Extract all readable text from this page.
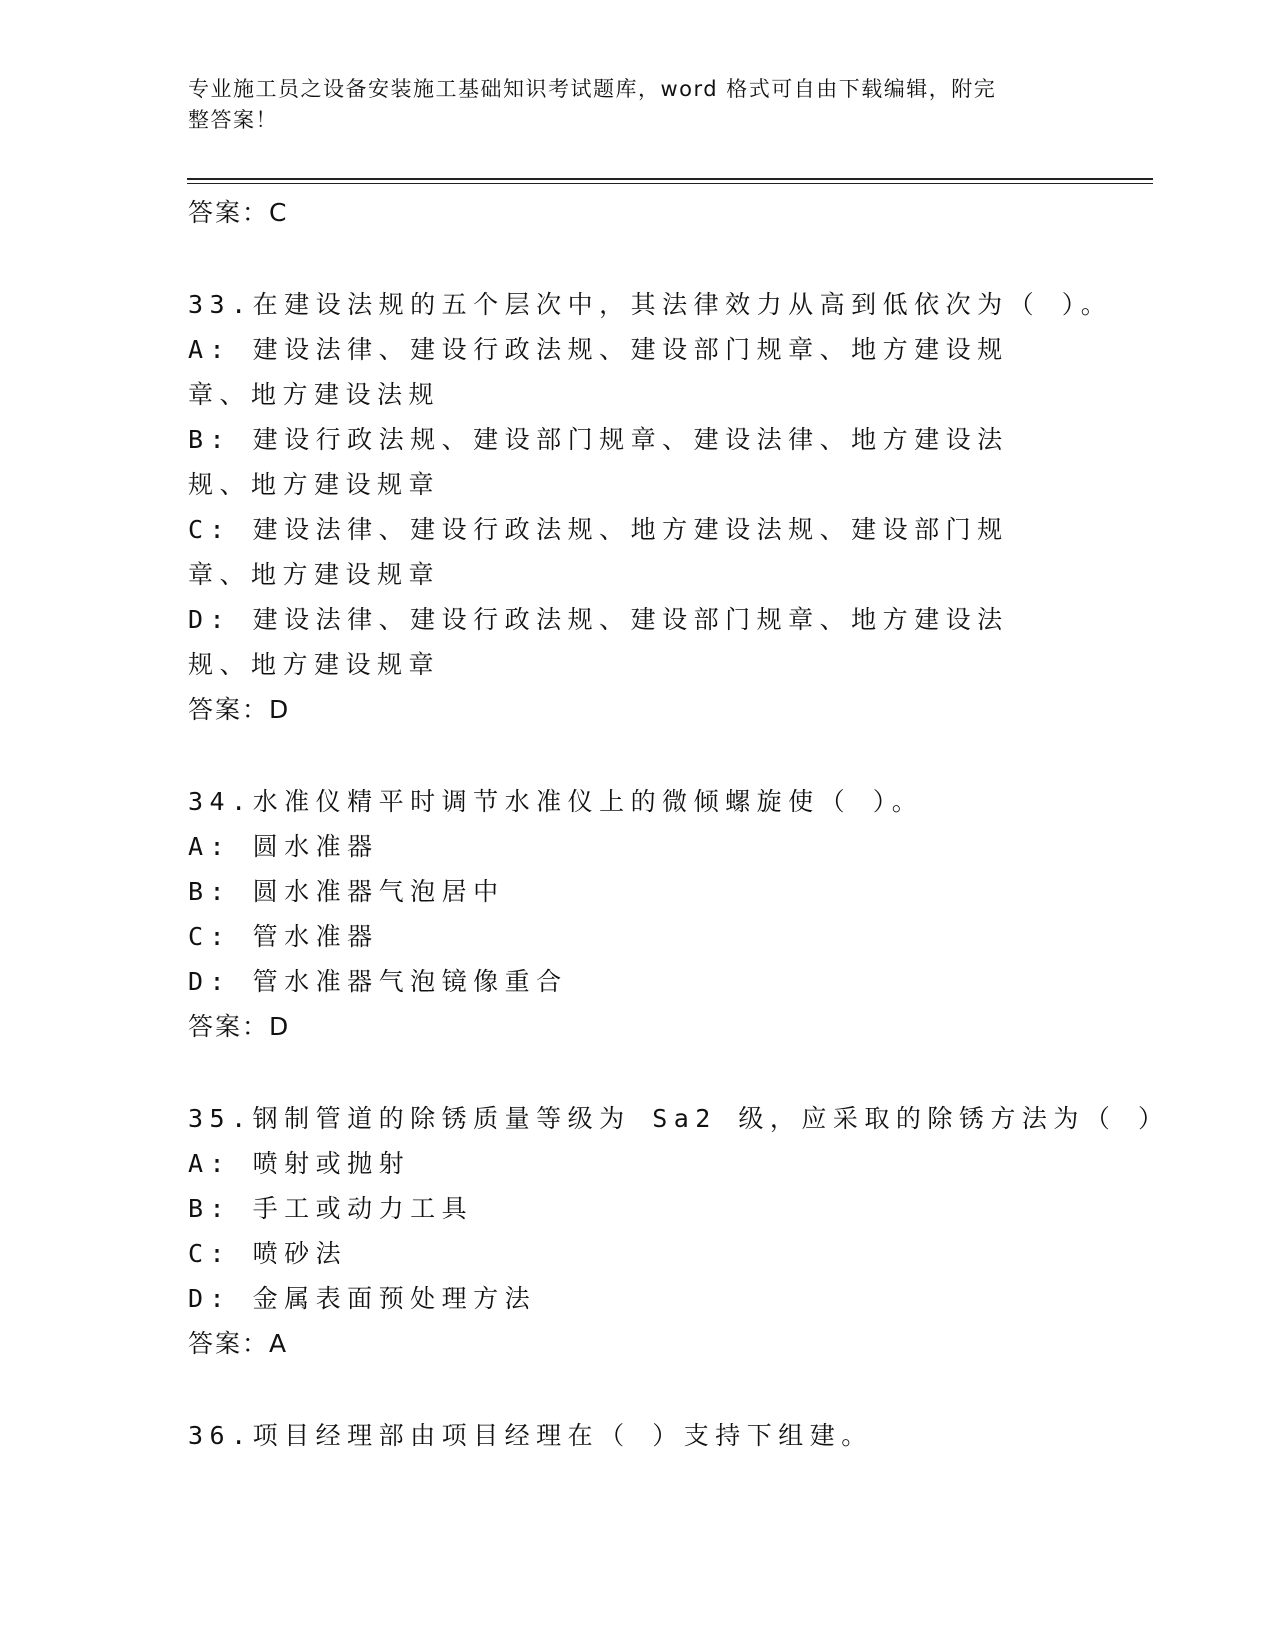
专业施工员之设备安装施工基础知识考试题库，word 格式可自由下载编辑，附完
整答案！
答案：C
33.在建设法规的五个层次中，其法律效力从高到低依次为（ ）。
A: 建设法律、建设行政法规、建设部门规章、地方建设规章、地方建设法规
B: 建设行政法规、建设部门规章、建设法律、地方建设法规、地方建设规章
C: 建设法律、建设行政法规、地方建设法规、建设部门规章、地方建设规章
D: 建设法律、建设行政法规、建设部门规章、地方建设法规、地方建设规章
答案：D
34.水准仪精平时调节水准仪上的微倾螺旋使（ ）。
A: 圆水准器
B: 圆水准器气泡居中
C: 管水准器
D: 管水准器气泡镜像重合
答案：D
35.钢制管道的除锈质量等级为 Sa2 级，应采取的除锈方法为（ ）
A: 喷射或抛射
B: 手工或动力工具
C: 喷砂法
D: 金属表面预处理方法
答案：A
36.项目经理部由项目经理在（ ）支持下组建。
